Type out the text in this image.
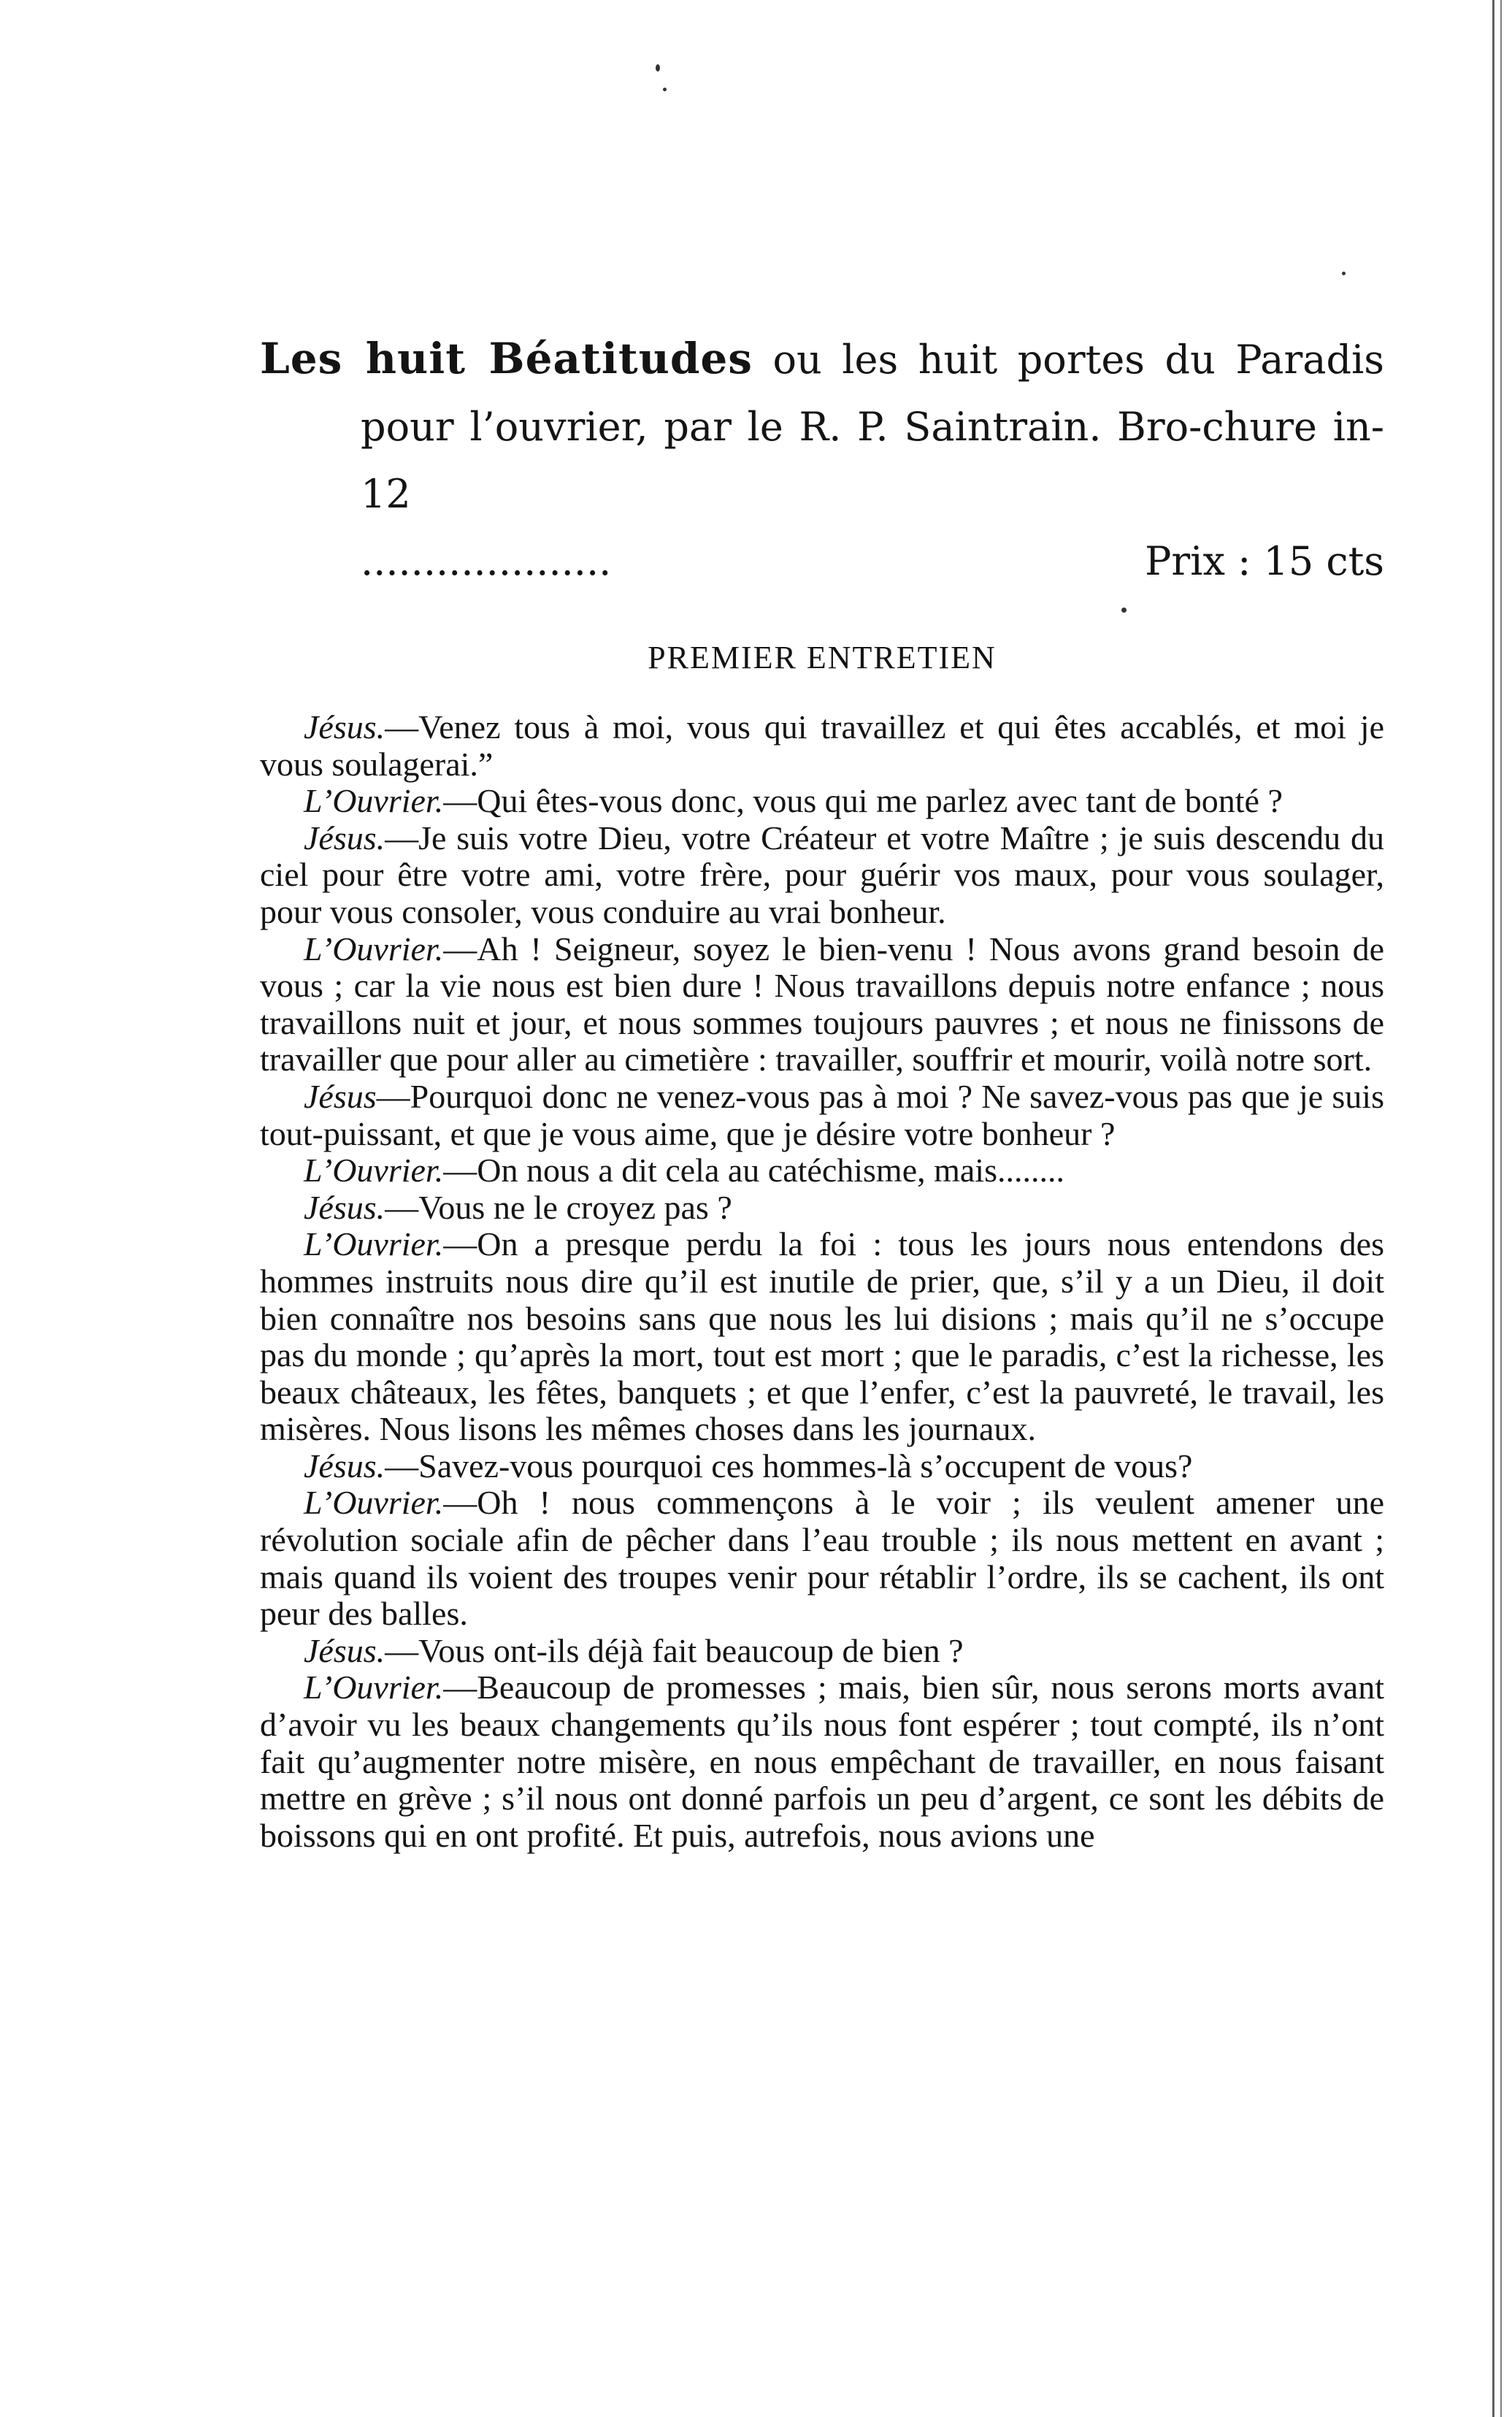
Les huit Béatitudes ou les huit portes du Paradis pour l’ouvrier, par le R. P. Saintrain. Bro-chure in-12

....................	Prix : 15 cts
PREMIER ENTRETIEN

Jésus.—Venez tous à moi, vous qui travaillez et qui êtes accablés, et moi je vous soulagerai.”

L’Ouvrier.—Qui êtes-vous donc, vous qui me parlez avec tant de bonté ?

Jésus.—Je suis votre Dieu, votre Créateur et votre Maître ; je suis descendu du ciel pour être votre ami, votre frère, pour guérir vos maux, pour vous soulager, pour vous consoler, vous conduire au vrai bonheur.

L’Ouvrier.—Ah ! Seigneur, soyez le bien-venu ! Nous avons grand besoin de vous ; car la vie nous est bien dure ! Nous travaillons depuis notre enfance ; nous travaillons nuit et jour, et nous sommes toujours pauvres ; et nous ne finissons de travailler que pour aller au cimetière : travailler, souffrir et mourir, voilà notre sort.

Jésus—Pourquoi donc ne venez-vous pas à moi ? Ne savez-vous pas que je suis tout-puissant, et que je vous aime, que je désire votre bonheur ?

L’Ouvrier.—On nous a dit cela au catéchisme, mais........

Jésus.—Vous ne le croyez pas ?

L’Ouvrier.—On a presque perdu la foi : tous les jours nous entendons des hommes instruits nous dire qu’il est inutile de prier, que, s’il y a un Dieu, il doit bien connaître nos besoins sans que nous les lui disions ; mais qu’il ne s’occupe pas du monde ; qu’après la mort, tout est mort ; que le paradis, c’est la richesse, les beaux châteaux, les fêtes, banquets ; et que l’enfer, c’est la pauvreté, le travail, les misères. Nous lisons les mêmes choses dans les journaux.

Jésus.—Savez-vous pourquoi ces hommes-là s’occupent de vous?

L’Ouvrier.—Oh ! nous commençons à le voir ; ils veulent amener une révolution sociale afin de pêcher dans l’eau trouble ; ils nous mettent en avant ; mais quand ils voient des troupes venir pour rétablir l’ordre, ils se cachent, ils ont peur des balles.

Jésus.—Vous ont-ils déjà fait beaucoup de bien ?

L’Ouvrier.—Beaucoup de promesses ; mais, bien sûr, nous serons morts avant d’avoir vu les beaux changements qu’ils nous font espérer ; tout compté, ils n’ont fait qu’augmenter notre misère, en nous empêchant de travailler, en nous faisant mettre en grève ; s’il nous ont donné parfois un peu d’argent, ce sont les débits de boissons qui en ont profité. Et puis, autrefois, nous avions une
